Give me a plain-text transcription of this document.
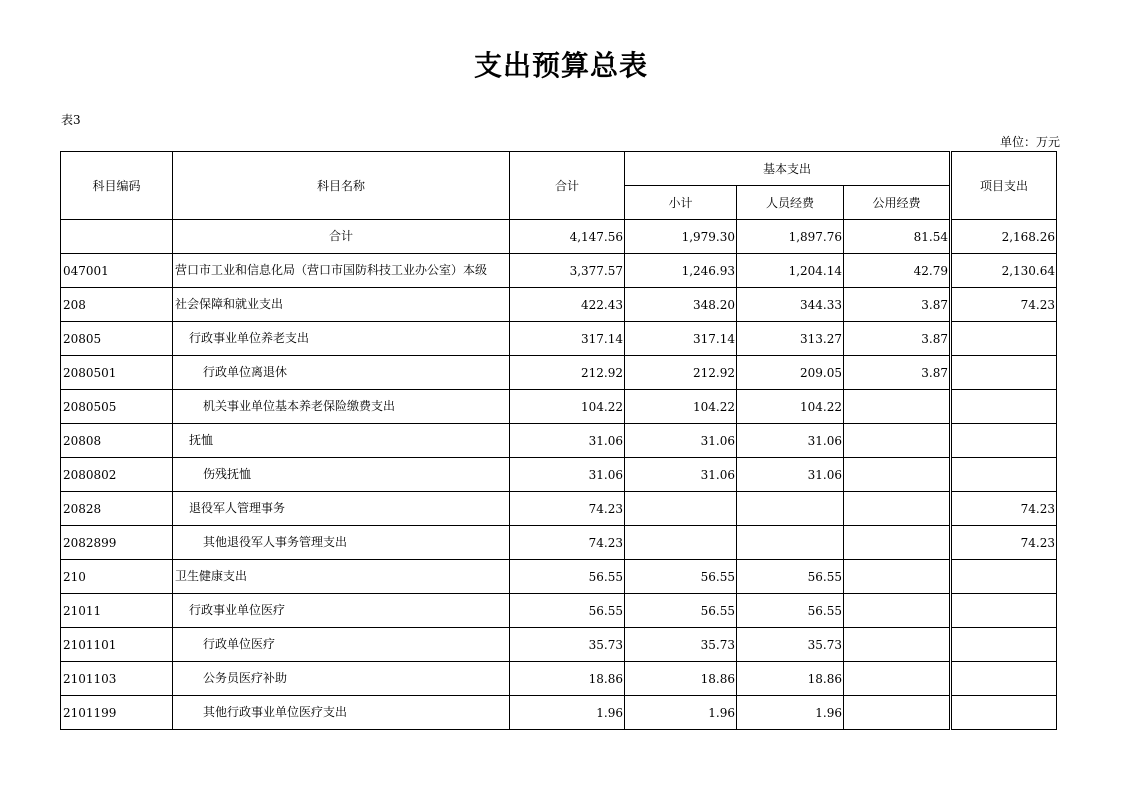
支出预算总表
表3
单位：万元
科目编码	科目名称	合计	基本支出			项目支出
			小计	人员经费	公用经费	
	合计	4,147.56	1,979.30	1,897.76	81.54	2,168.26
047001	营口市工业和信息化局（营口市国防科技工业办公室）本级	3,377.57	1,246.93	1,204.14	42.79	2,130.64
208	社会保障和就业支出	422.43	348.20	344.33	3.87	74.23
20805	行政事业单位养老支出	317.14	317.14	313.27	3.87	
2080501	行政单位离退休	212.92	212.92	209.05	3.87	
2080505	机关事业单位基本养老保险缴费支出	104.22	104.22	104.22		
20808	抚恤	31.06	31.06	31.06		
2080802	伤残抚恤	31.06	31.06	31.06		
20828	退役军人管理事务	74.23				74.23
2082899	其他退役军人事务管理支出	74.23				74.23
210	卫生健康支出	56.55	56.55	56.55		
21011	行政事业单位医疗	56.55	56.55	56.55		
2101101	行政单位医疗	35.73	35.73	35.73		
2101103	公务员医疗补助	18.86	18.86	18.86		
2101199	其他行政事业单位医疗支出	1.96	1.96	1.96		
